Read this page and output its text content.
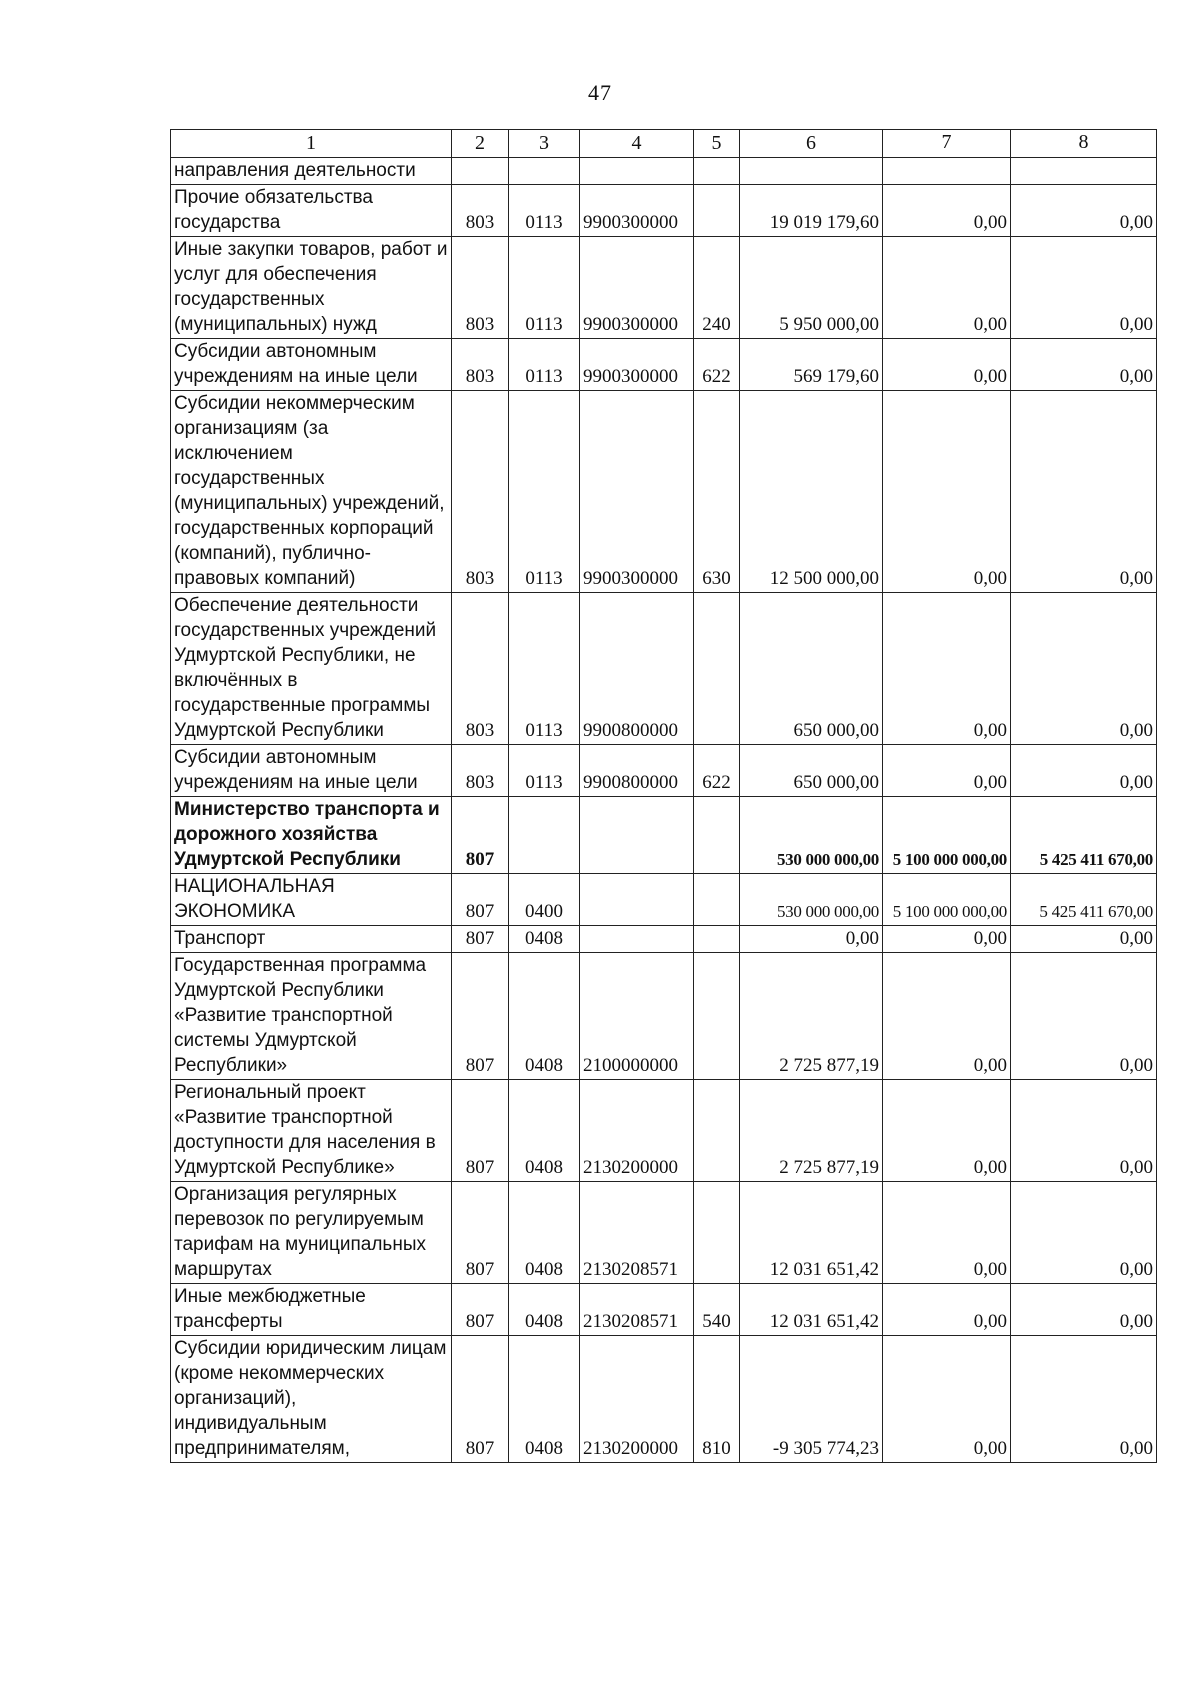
47
1	2	3	4	5	6	7	8
направления деятельности							
Прочие обязательства государства	803	0113	9900300000		19 019 179,60	0,00	0,00
Иные закупки товаров, работ и услуг для обеспечения государственных (муниципальных) нужд	803	0113	9900300000	240	5 950 000,00	0,00	0,00
Субсидии автономным учреждениям на иные цели	803	0113	9900300000	622	569 179,60	0,00	0,00
Субсидии некоммерческим организациям (за исключением государственных (муниципальных) учреждений, государственных корпораций (компаний), публично-правовых компаний)	803	0113	9900300000	630	12 500 000,00	0,00	0,00
Обеспечение деятельности государственных учреждений Удмуртской Республики, не включённых в государственные программы Удмуртской Республики	803	0113	9900800000		650 000,00	0,00	0,00
Субсидии автономным учреждениям на иные цели	803	0113	9900800000	622	650 000,00	0,00	0,00
Министерство транспорта и дорожного хозяйства Удмуртской Республики	807				530 000 000,00	5 100 000 000,00	5 425 411 670,00
НАЦИОНАЛЬНАЯ ЭКОНОМИКА	807	0400			530 000 000,00	5 100 000 000,00	5 425 411 670,00
Транспорт	807	0408			0,00	0,00	0,00
Государственная программа Удмуртской Республики «Развитие транспортной системы Удмуртской Республики»	807	0408	2100000000		2 725 877,19	0,00	0,00
Региональный проект «Развитие транспортной доступности для населения в Удмуртской Республике»	807	0408	2130200000		2 725 877,19	0,00	0,00
Организация регулярных перевозок по регулируемым тарифам на муниципальных маршрутах	807	0408	2130208571		12 031 651,42	0,00	0,00
Иные межбюджетные трансферты	807	0408	2130208571	540	12 031 651,42	0,00	0,00
Субсидии юридическим лицам (кроме некоммерческих организаций), индивидуальным предпринимателям,	807	0408	2130200000	810	-9 305 774,23	0,00	0,00
